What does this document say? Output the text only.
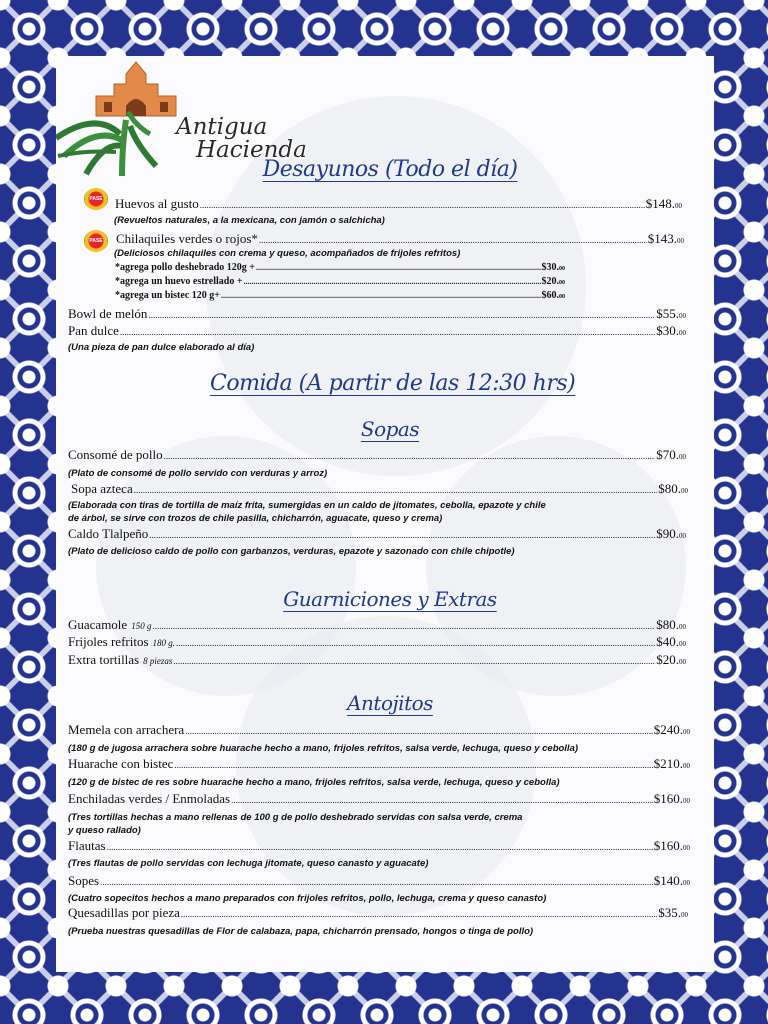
Antigua
Hacienda
Desayunos (Todo el día)
PASE Huevos al gusto .....	$148. 00
(Revueltos naturales, a la mexicana, con jamón o salchicha)
PASE	Chilaquiles verdes o rojos* .....	$143. 00
(Deliciosos chilaquiles con crema y queso, acompañados de frijoles refritos)
*agrega pollo deshebrado 120g + .....	$30. 00
*agrega un huevo estrellado + .....	$20. 00
*agrega un bistec 120 g+ .....	$60. 00
Bowl de melón .....	$55. 00
Pan dulce .....	$30. 00
(Una pieza de pan dulce elaborado al día)
Comida (A partir de las 12:30 hrs)
Sopas
Consomé de pollo .....	$70. 00
(Plato de consomé de pollo servido con verduras y arroz)
Sopa azteca .....	$80. 00
(Elaborada con tiras de tortilla de maíz frita, sumergidas en un caldo de jitomates, cebolla, epazote y chile
de árbol, se sirve con trozos de chile pasilla, chicharrón, aguacate, queso y crema)
Caldo Tlalpeño .....	$90. 00
(Plato de delicioso caldo de pollo con garbanzos, verduras, epazote y sazonado con chile chipotle)
Guarniciones y Extras
Guacamole 150 g .....	$80. 00
Frijoles refritos 180 g. .....	$40. 00
Extra tortillas 8 piezas .....	$20. 00
Antojitos
Memela con arrachera .....	$240. 00
(180 g de jugosa arrachera sobre huarache hecho a mano, frijoles refritos, salsa verde, lechuga, queso y cebolla)
Huarache con bistec .....	$210. 00
(120 g de bistec de res sobre huarache hecho a mano, frijoles refritos, salsa verde, lechuga, queso y cebolla)
Enchiladas verdes / Enmoladas .....	$160. 00
(Tres tortillas hechas a mano rellenas de 100 g de pollo deshebrado servidas con salsa verde, crema
y queso rallado)
Flautas .....	$160. 00
(Tres flautas de pollo servidas con lechuga jitomate, queso canasto y aguacate)
Sopes .....	$140. 00
(Cuatro sopecitos hechos a mano preparados con frijoles refritos, pollo, lechuga, crema y queso canasto)
Quesadillas por pieza .....	$35. 00
(Prueba nuestras quesadillas de Flor de calabaza, papa, chicharrón prensado, hongos o tinga de pollo)
